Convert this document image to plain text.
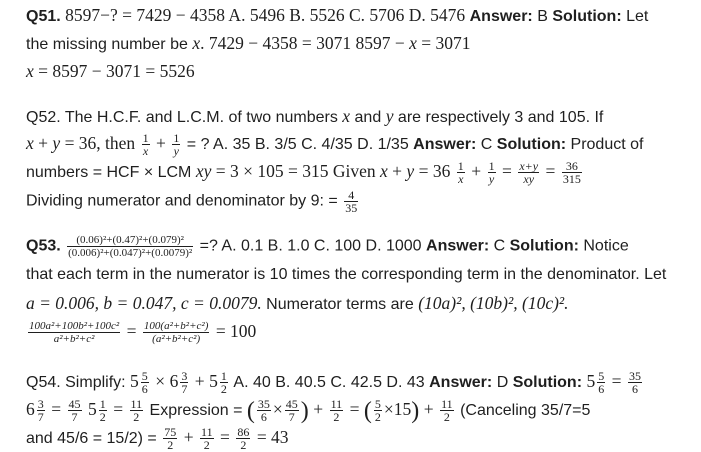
Q51. 8597−? = 7429 − 4358 A. 5496 B. 5526 C. 5706 D. 5476 Answer: B Solution: Let
the missing number be x. 7429 − 4358 = 3071 8597 − x = 3071
x = 8597 − 3071 = 5526
Q52. The H.C.F. and L.C.M. of two numbers x and y are respectively 3 and 105. If
x + y = 36, then $\frac{1}{x} + \frac{1}{y}$ = ? A. 35 B. 3/5 C. 4/35 D. 1/35 Answer: C Solution: Product of
numbers = HCF × LCM xy = 3 × 105 = 315 Given $x + y = 36 \frac{1}{x} + \frac{1}{y} = \frac{x+y}{xy} = \frac{36}{315}$
Dividing numerator and denominator by 9: = $\frac{4}{35}$
Q53. $\frac{\text{(0.06)²+(0.47)²+(0.079)²}}{\text{(0.006)²+(0.047)²+(0.0079)²}}$ =? A. 0.1 B. 1.0 C. 100 D. 1000 Answer: C Solution: Notice
that each term in the numerator is 10 times the corresponding term in the denominator. Let
a = 0.006, b = 0.047, c = 0.0079. Numerator terms are (10a)², (10b)², (10c)².
$\frac{\text{100a²+100b²+100c²}}{\text{a²+b²+c²}} = \frac{\text{100(a²+b²+c²)}}{\text{(a²+b²+c²)}} = 100$
Q54. Simplify: $5 \frac{5}{6} \times 6 \frac{3}{7} + 5 \frac{1}{2} A$. 40 B. 40.5 C. 42.5 D. 43 Answer: D Solution: $5 \frac{5}{6} = \frac{35}{6}$
$6 \frac{3}{7} = \frac{45}{7} 5 \frac{1}{2} = \frac{11}{2}$ Expression = ( $\frac{35}{6} \times \frac{45}{7}$ ) + $\frac{11}{2}$ = ( $\frac{5}{2} \times 15) + \frac{11}{2}$ (Canceling 35/7=5
and $45/6 = 15/2) = \frac{75}{2} + \frac{11}{2} = \frac{86}{2} = 43$
